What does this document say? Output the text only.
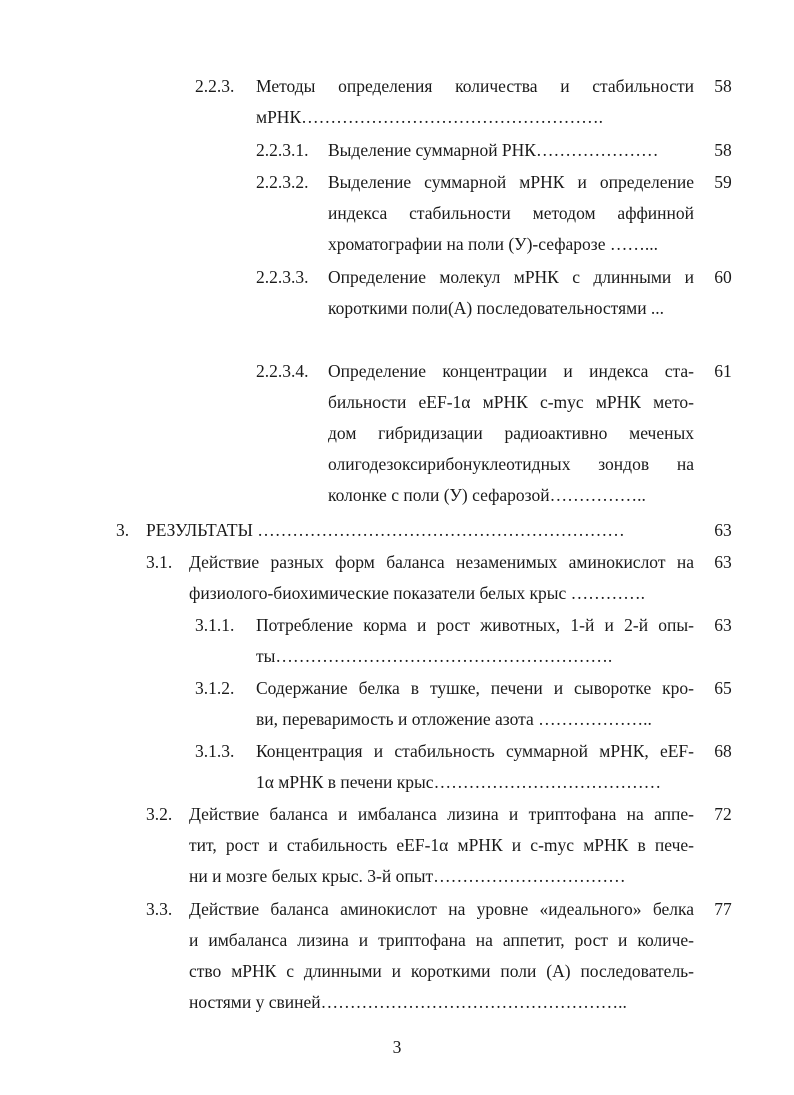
2.2.3. Методы определения количества и стабильности
мРНК…………………………………………….
58
2.2.3.1. Выделение суммарной РНК…………………	58
2.2.3.2. Выделение суммарной мРНК и определение
индекса стабильности методом аффинной
хроматографии на поли (У)-сефарозе ……...
59
2.2.3.3. Определение молекул мРНК с длинными и
короткими поли(А) последовательностями ...
60
2.2.3.4. Определение концентрации и индекса ста-
бильности eEF-1α мРНК c-myc мРНК мето-
дом гибридизации радиоактивно меченых
олигодезоксирибонуклеотидных зондов на
колонке с поли (У) сефарозой……………..
61
3. РЕЗУЛЬТАТЫ ………………………………………………………	63
3.1. Действие разных форм баланса незаменимых аминокислот на
физиолого-биохимические показатели белых крыс ………….
63
3.1.1. Потребление корма и рост животных, 1-й и 2-й опы-
ты………………………………………………….
63
3.1.2. Содержание белка в тушке, печени и сыворотке кро-
ви, переваримость и отложение азота ………………..
65
3.1.3. Концентрация и стабильность суммарной мРНК, eEF-
1α мРНК в печени крыс…………………………………
68
3.2. Действие баланса и имбаланса лизина и триптофана на аппе-
тит, рост и стабильность eEF-1α мРНК и c-myc мРНК в пече-
ни и мозге белых крыс. 3-й опыт……………………………
72
3.3. Действие баланса аминокислот на уровне «идеального» белка
и имбаланса лизина и триптофана на аппетит, рост и количе-
ство мРНК с длинными и короткими поли (А) последователь-
ностями у свиней……………………………………………..
77
3
